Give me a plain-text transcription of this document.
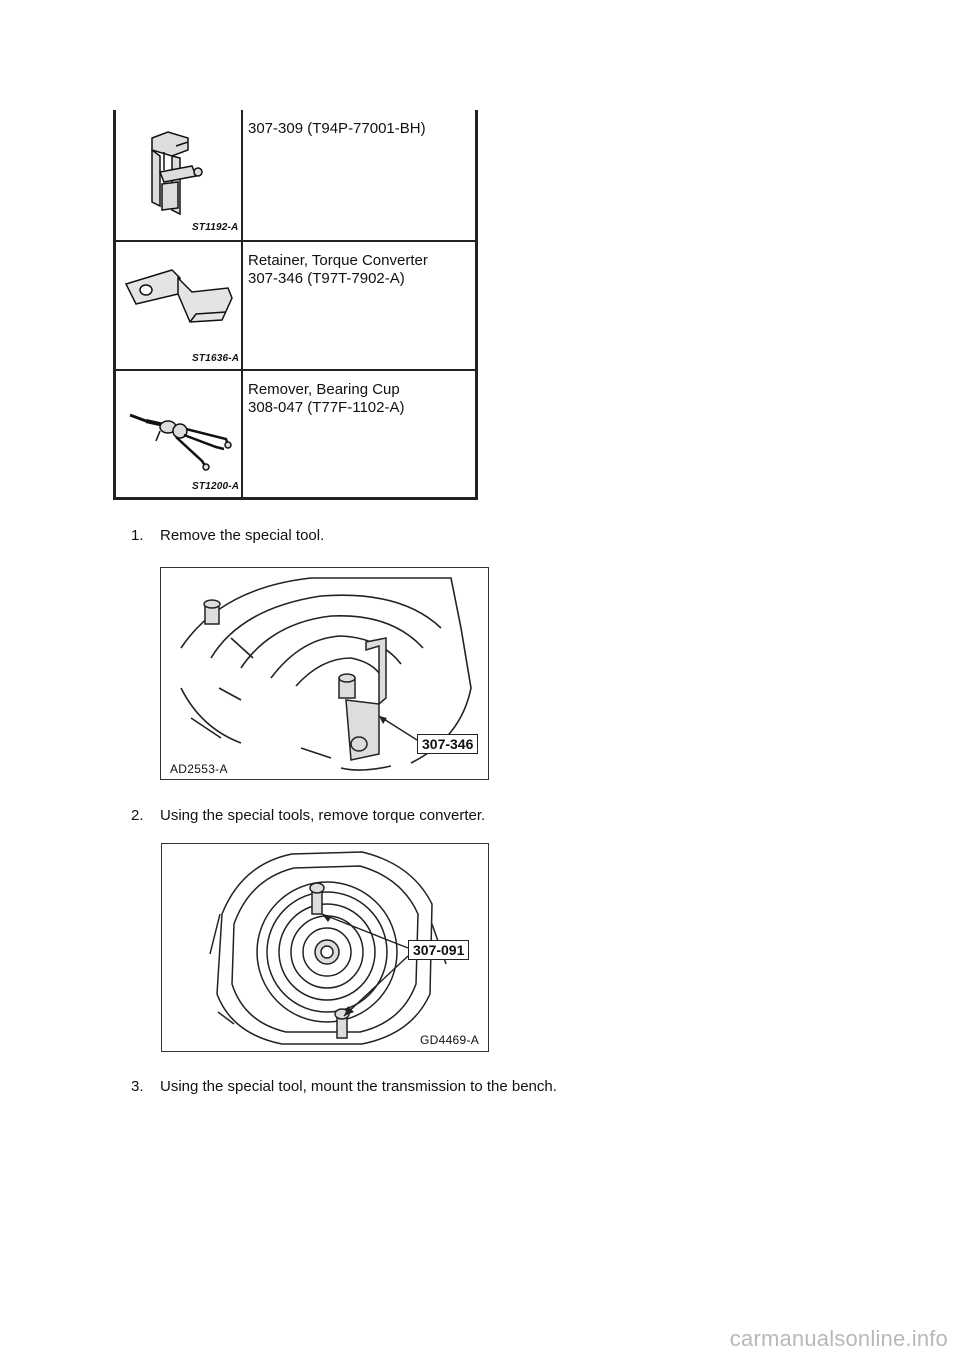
ST1192-A	307-309 (T94P-77001-BH)

ST1636-A	Retainer, Torque Converter
307-346 (T97T-7902-A)

ST1200-A	Remover, Bearing Cup
308-047 (T77F-1102-A)
1. Remove the special tool.
307-346
AD2553-A
2. Using the special tools, remove torque converter.
307-091
GD4469-A
3. Using the special tool, mount the transmission to the bench.
carmanualsonline.info
